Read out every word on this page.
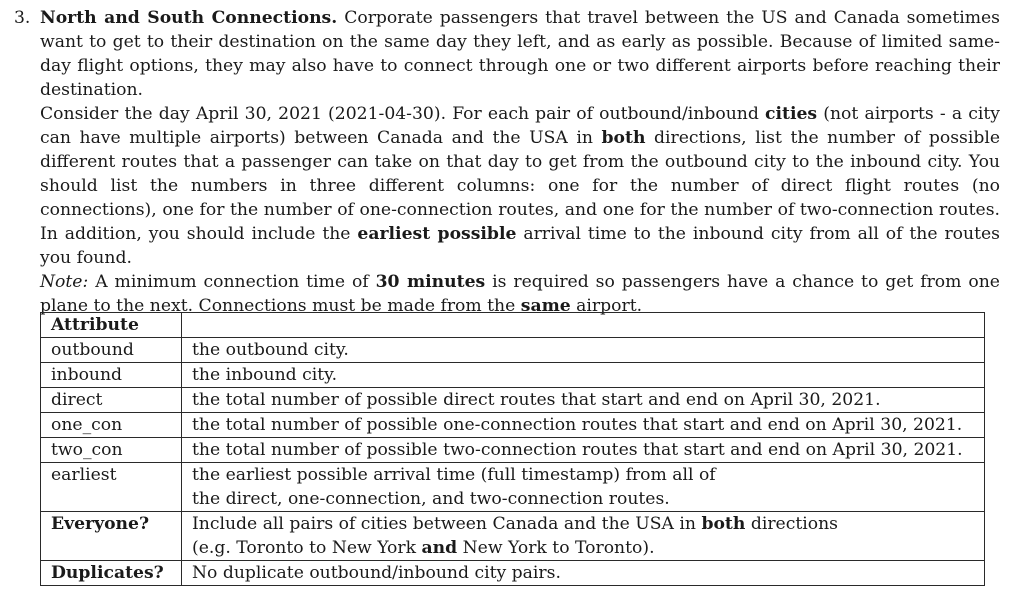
3. North and South Connections. Corporate passengers that travel between the US and Canada sometimes want to get to their destination on the same day they left, and as early as possible. Because of limited same-day flight options, they may also have to connect through one or two different airports before reaching their destination.

Consider the day April 30, 2021 (2021-04-30). For each pair of outbound/inbound cities (not airports - a city can have multiple airports) between Canada and the USA in both directions, list the number of possible different routes that a passenger can take on that day to get from the outbound city to the inbound city. You should list the numbers in three different columns: one for the number of direct flight routes (no connections), one for the number of one-connection routes, and one for the number of two-connection routes. In addition, you should include the earliest possible arrival time to the inbound city from all of the routes you found.

Note: A minimum connection time of 30 minutes is required so passengers have a chance to get from one plane to the next. Connections must be made from the same airport.

Attribute	
outbound	the outbound city.
inbound	the inbound city.
direct	the total number of possible direct routes that start and end on April 30, 2021.
one_con	the total number of possible one-connection routes that start and end on April 30, 2021.
two_con	the total number of possible two-connection routes that start and end on April 30, 2021.
earliest	the earliest possible arrival time (full timestamp) from all of
the direct, one-connection, and two-connection routes.
Everyone?	Include all pairs of cities between Canada and the USA in both directions
(e.g. Toronto to New York and New York to Toronto).
Duplicates?	No duplicate outbound/inbound city pairs.
